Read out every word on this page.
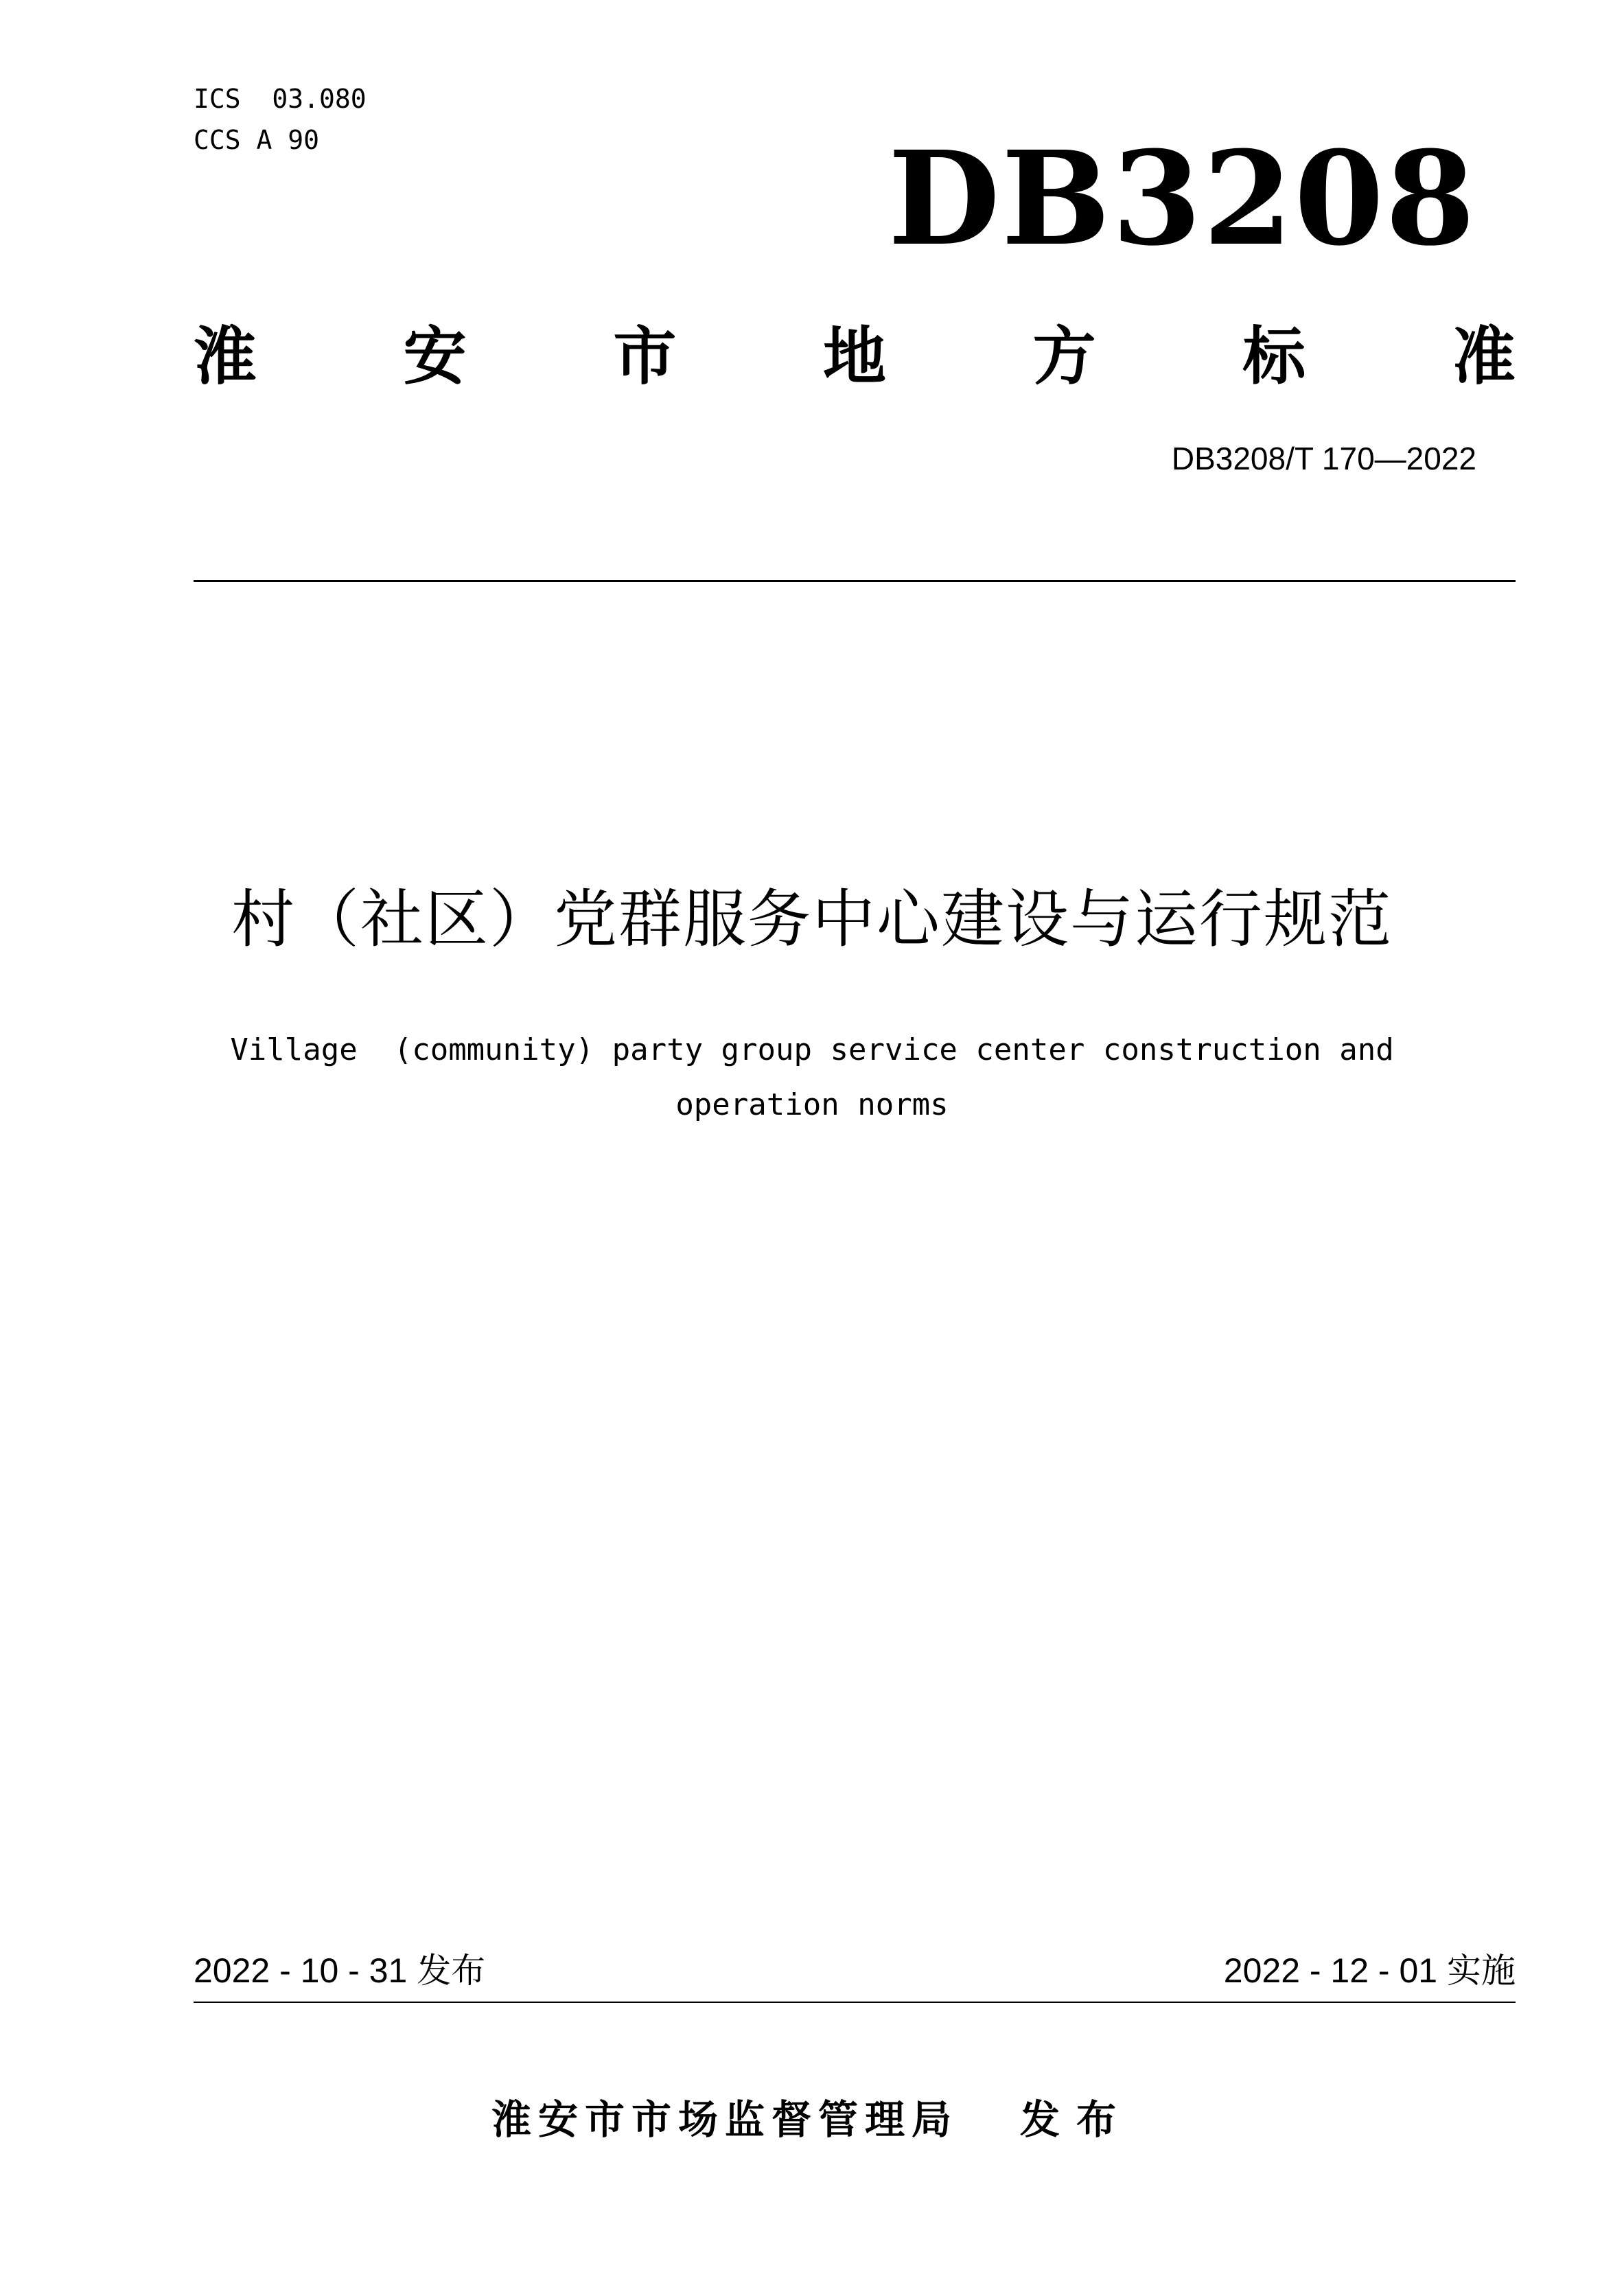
ICS  03.080
CCS A 90	DB3208
淮 安 市 地 方 标 准
DB3208/T 170—2022
村（社区）党群服务中心建设与运行规范
Village  (community) party group service center construction and
operation norms
2022 - 10 - 31 发布	2022 - 12 - 01 实施
淮安市市场监督管理局 发布
